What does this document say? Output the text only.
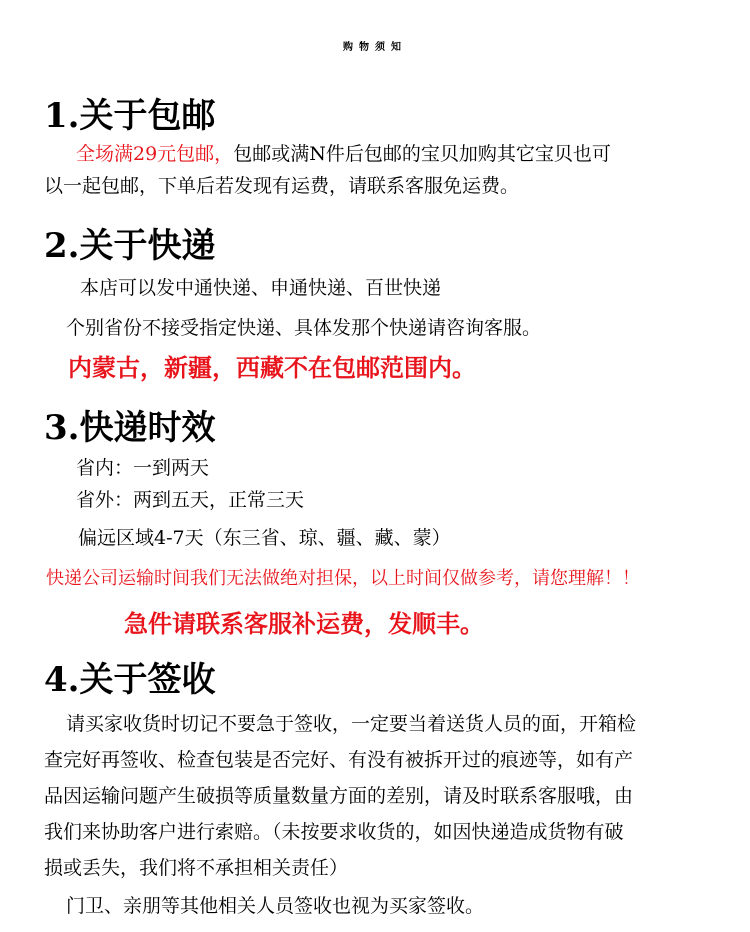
购物须知
1.关于包邮
全场满29元包邮，包邮或满N件后包邮的宝贝加购其它宝贝也可
以一起包邮，下单后若发现有运费，请联系客服免运费。
2.关于快递
本店可以发中通快递、申通快递、百世快递
个别省份不接受指定快递、具体发那个快递请咨询客服。
内蒙古，新疆，西藏不在包邮范围内。
3.快递时效
省内：一到两天
省外：两到五天，正常三天
偏远区域4-7天（东三省、琼、疆、藏、蒙）
快递公司运输时间我们无法做绝对担保，以上时间仅做参考，请您理解！！
急件请联系客服补运费，发顺丰。
4.关于签收
请买家收货时切记不要急于签收，一定要当着送货人员的面，开箱检
查完好再签收、检查包装是否完好、有没有被拆开过的痕迹等，如有产
品因运输问题产生破损等质量数量方面的差别，请及时联系客服哦，由
我们来协助客户进行索赔。（未按要求收货的，如因快递造成货物有破
损或丢失，我们将不承担相关责任）
门卫、亲朋等其他相关人员签收也视为买家签收。
